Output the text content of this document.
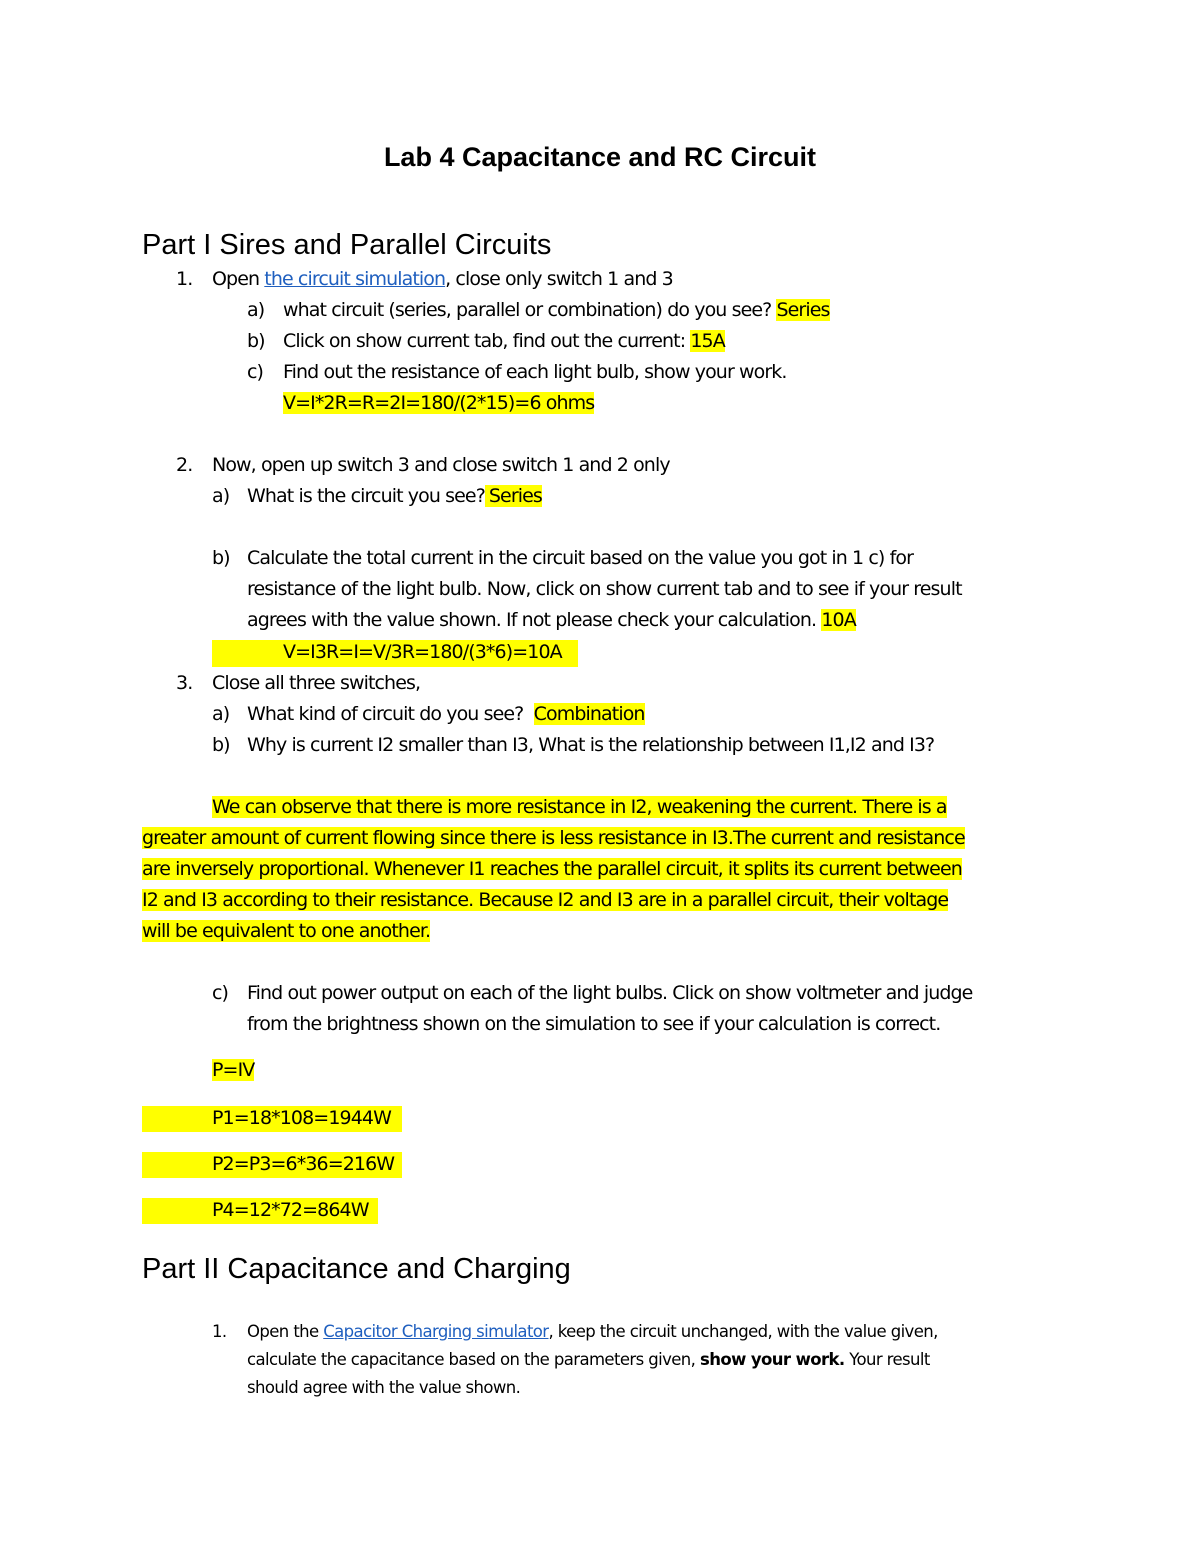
Lab 4 Capacitance and RC Circuit
Part I Sires and Parallel Circuits
1. Open the circuit simulation, close only switch 1 and 3
a) what circuit (series, parallel or combination) do you see? Series
b) Click on show current tab, find out the current: 15A
c) Find out the resistance of each light bulb, show your work.
V=I*2R=R=2I=180/(2*15)=6 ohms
2. Now, open up switch 3 and close switch 1 and 2 only
a) What is the circuit you see? Series
b) Calculate the total current in the circuit based on the value you got in 1 c) for
resistance of the light bulb. Now, click on show current tab and to see if your result
agrees with the value shown. If not please check your calculation. 10A
V=I3R=I=V/3R=180/(3*6)=10A
3. Close all three switches,
a) What kind of circuit do you see? Combination
b) Why is current I2 smaller than I3, What is the relationship between I1,I2 and I3?
We can observe that there is more resistance in I2, weakening the current. There is a
greater amount of current flowing since there is less resistance in I3.The current and resistance
are inversely proportional. Whenever I1 reaches the parallel circuit, it splits its current between
I2 and I3 according to their resistance. Because I2 and I3 are in a parallel circuit, their voltage
will be equivalent to one another.
c) Find out power output on each of the light bulbs. Click on show voltmeter and judge
from the brightness shown on the simulation to see if your calculation is correct.
P=IV
P1=18*108=1944W
P2=P3=6*36=216W
P4=12*72=864W
Part II Capacitance and Charging
1. Open the Capacitor Charging simulator, keep the circuit unchanged, with the value given,
calculate the capacitance based on the parameters given, show your work. Your result
should agree with the value shown.
